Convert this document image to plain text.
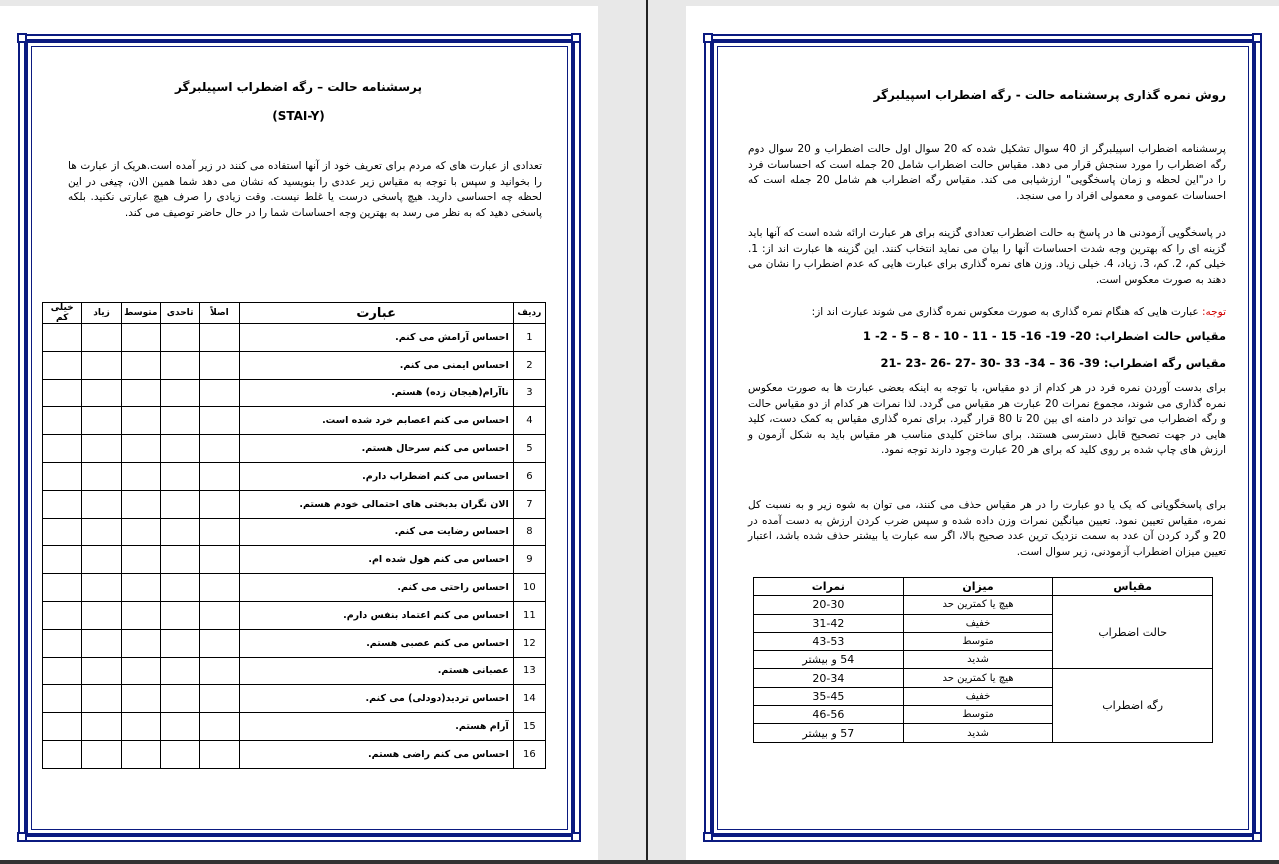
پرسشنامه حالت – رگه اضطراب اسپیلبرگر
(STAI-Y)
تعدادی از عبارت های که مردم برای تعریف خود از آنها استفاده می کنند در زیر آمده است.هریک از عبارت ها را بخوانید و سپس با توجه به مقیاس زیر عددی را بنویسید که نشان می دهد شما همین الان، چیغی در این لحظه چه احساسی دارید. هیچ پاسخی درست یا غلط نیست. وقت زیادی را صرف هیچ عبارتی نکنید. بلکه پاسخی دهید که به نظر می رسد به بهترین وجه احساسات شما را در حال حاضر توصیف می کند.
ردیف	عبارت	اصلاً	تاحدی	متوسط	زیاد	خیلی کم
1	احساس آرامش می کنم.					
2	احساس ایمنی می کنم.					
3	ناآرام(هیجان زده) هستم.					
4	احساس می کنم اعصابم خرد شده است.					
5	احساس می کنم سرحال هستم.					
6	احساس می کنم اضطراب دارم.					
7	الان نگران بدبختی های احتمالی خودم هستم.					
8	احساس رضایت می کنم.					
9	احساس می کنم هول شده ام.					
10	احساس راحتی می کنم.					
11	احساس می کنم اعتماد بنفس دارم.					
12	احساس می کنم عصبی هستم.					
13	عصبانی هستم.					
14	احساس تردید(دودلی) می کنم.					
15	آرام هستم.					
16	احساس می کنم راضی هستم.					
روش نمره گذاری پرسشنامه حالت - رگه اضطراب اسپیلبرگر
پرسشنامه اضطراب اسپیلبرگر از 40 سوال تشکیل شده که 20 سوال اول حالت اضطراب و 20 سوال دوم رگه اضطراب را مورد سنجش قرار می دهد. مقیاس حالت اضطراب شامل 20 جمله است که احساسات فرد را در"این لحظه و زمان پاسخگویی" ارزشیابی می کند. مقیاس رگه اضطراب هم شامل 20 جمله است که احساسات عمومی و معمولی افراد را می سنجد.
در پاسخگویی آزمودنی ها در پاسخ به حالت اضطراب تعدادی گزینه برای هر عبارت ارائه شده است که آنها باید گزینه ای را که بهترین وجه شدت احساسات آنها را بیان می نماید انتخاب کنند. این گزینه ها عبارت اند از: 1. خیلی کم، 2. کم، 3. زیاد، 4. خیلی زیاد. وزن های نمره گذاری برای عبارت هایی که عدم اضطراب را نشان می دهند به صورت معکوس است.
توجه: عبارت هایی که هنگام نمره گذاری به صورت معکوس نمره گذاری می شوند عبارت اند از:
مقیاس حالت اضطراب: 20- 19- 16- 15 - 11 - 10 - 8 – 5 - 2- 1
مقیاس رگه اضطراب: 39- 36 – 34- 33 -30 -27 -26 -23 -21
برای بدست آوردن نمره فرد در هر کدام از دو مقیاس، با توجه به اینکه بعضی عبارت ها به صورت معکوس نمره گذاری می شوند، مجموع نمرات 20 عبارت هر مقیاس می گردد. لذا نمرات هر کدام از دو مقیاس حالت و رگه اضطراب می تواند در دامنه ای بین 20 تا 80 قرار گیرد. برای نمره گذاری مقیاس به کمک دست، کلید هایی در جهت تصحیح قابل دسترسی هستند. برای ساختن کلیدی مناسب هر مقیاس باید به شکل آزمون و ارزش های چاپ شده بر روی کلید که برای هر 20 عبارت وجود دارند توجه نمود.
برای پاسخگویانی که یک یا دو عبارت را در هر مقیاس حذف می کنند، می توان به شوه زیر و به نسبت کل نمره، مقیاس تعیین نمود. تعیین میانگین نمرات وزن داده شده و سپس ضرب کردن ارزش به دست آمده در 20 و گرد کردن آن عدد به سمت نزدیک ترین عدد صحیح بالا، اگر سه عبارت یا بیشتر حذف شده باشد، اعتبار تعیین میزان اضطراب آزمودنی، زیر سوال است.
مقیاس	میزان	نمرات
حالت اضطراب	هیچ یا کمترین حد	20-30
	خفیف	31-42
	متوسط	43-53
	شدید	54 و بیشتر
رگه اضطراب	هیچ یا کمترین حد	20-34
	خفیف	35-45
	متوسط	46-56
	شدید	57 و بیشتر
